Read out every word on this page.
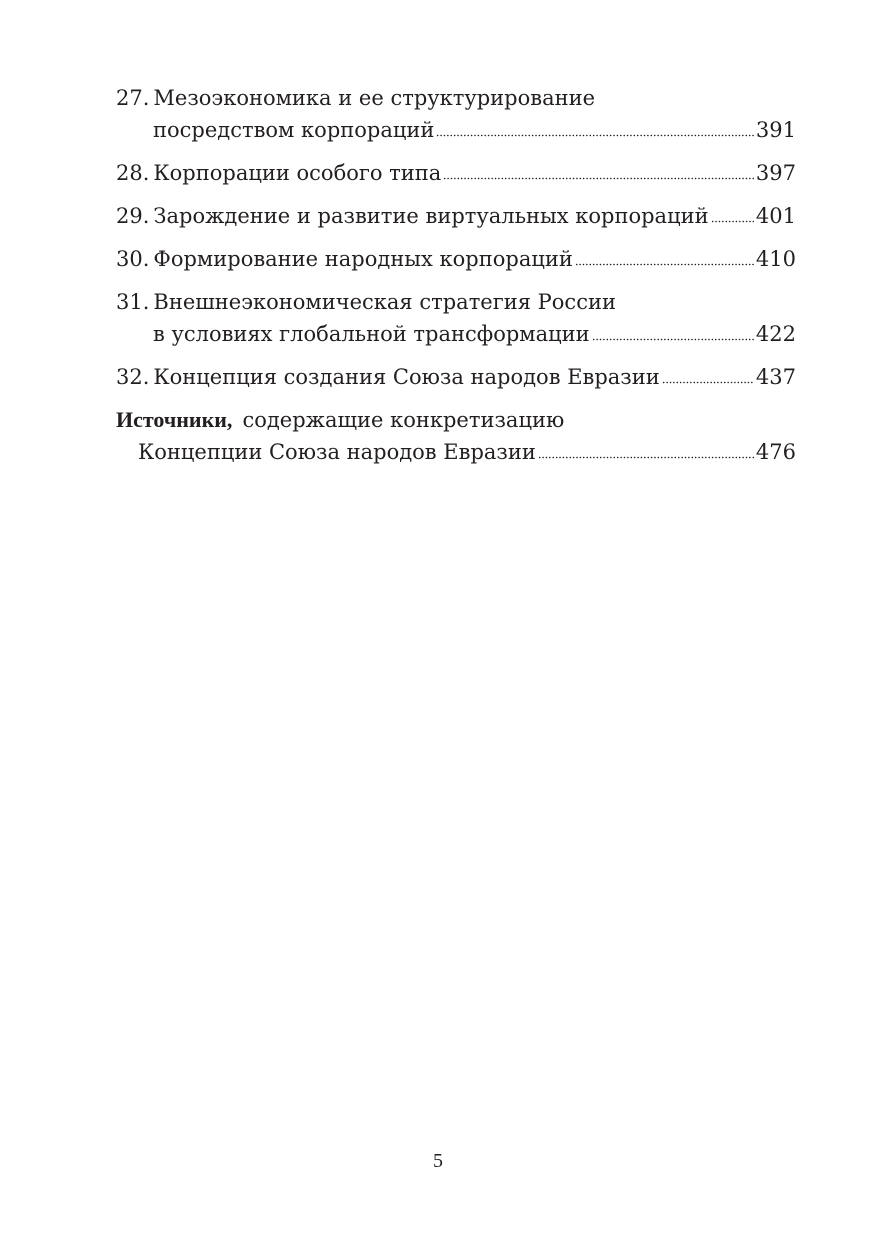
27. Мезоэкономика и ее структурирование
посредством корпораций	391
28. Корпорации особого типа	397
29. Зарождение и развитие виртуальных корпораций 401
30. Формирование народных корпораций	410
31. Внешнеэкономическая стратегия России
в условиях глобальной трансформации	422
32. Концепция создания Союза народов Евразии	437
Источники, содержащие конкретизацию
Концепции Союза народов Евразии	476
5
